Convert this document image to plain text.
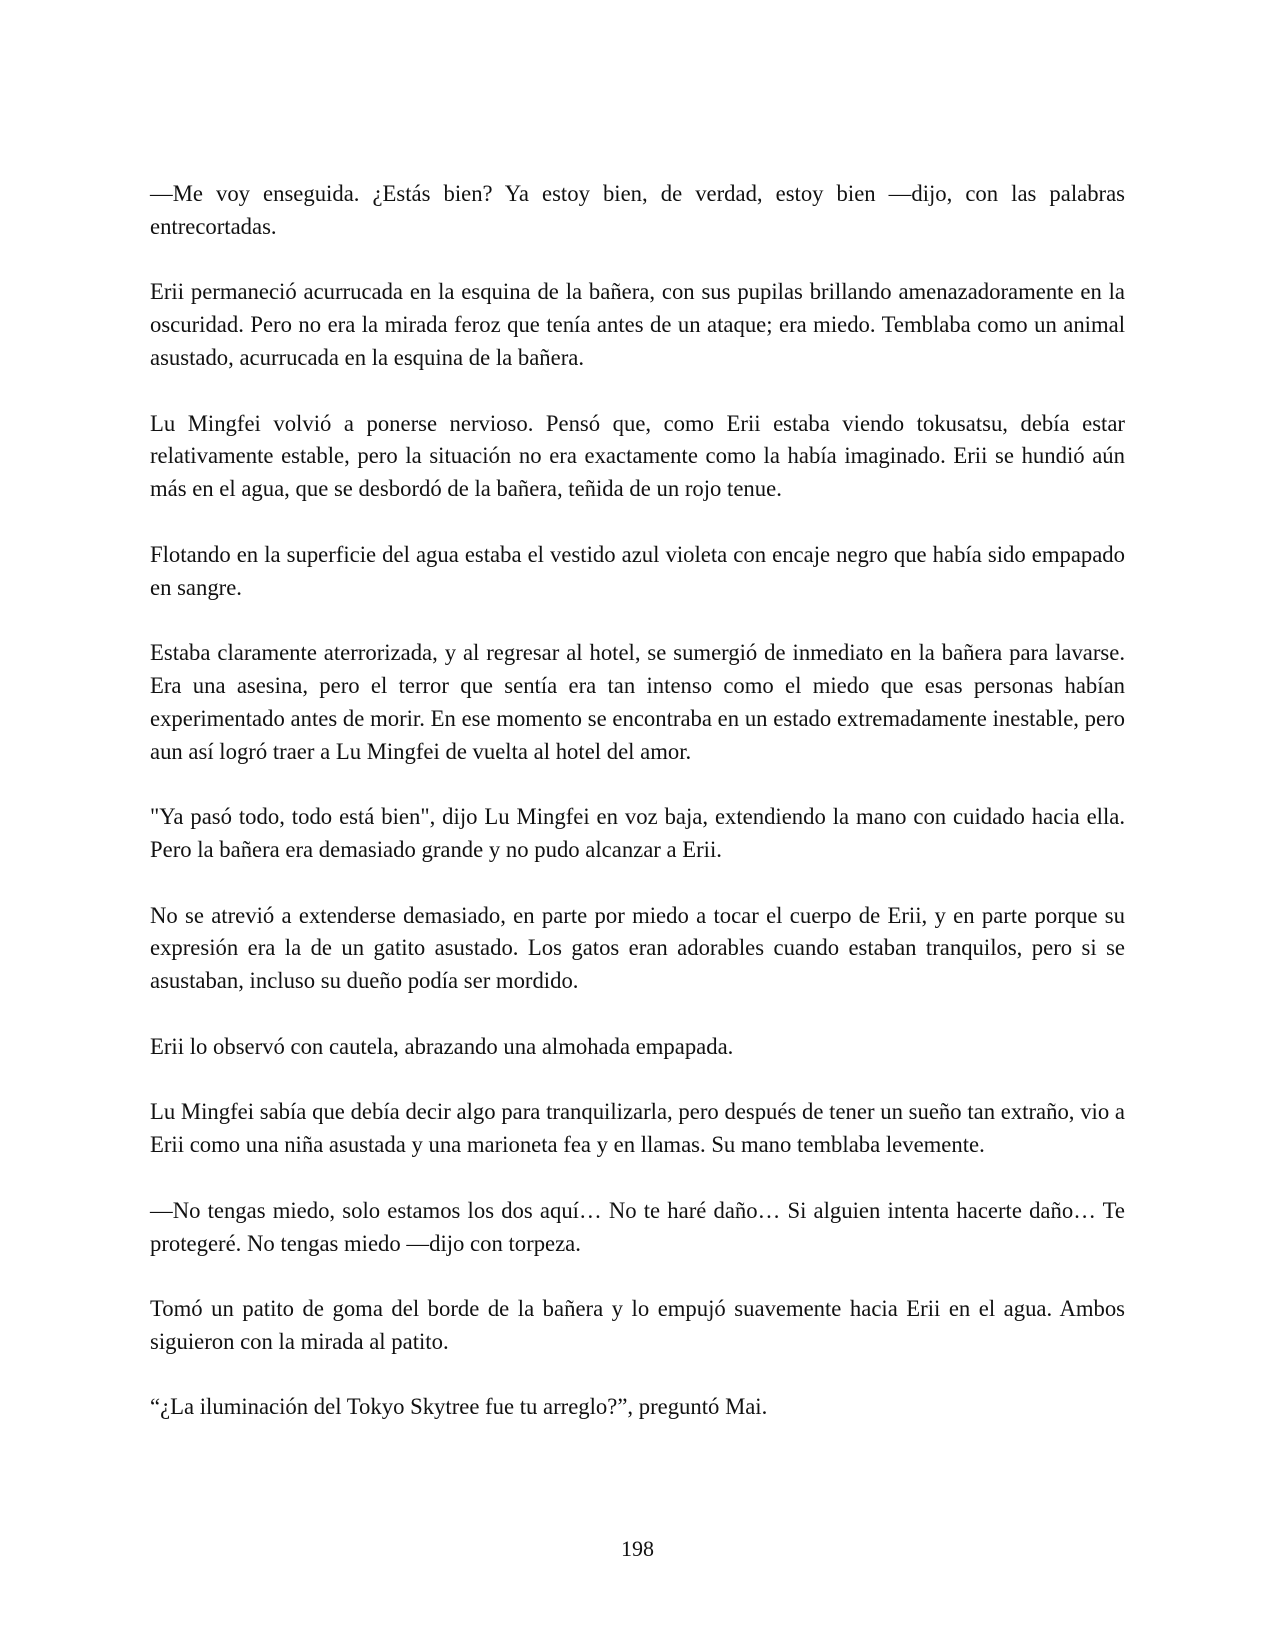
—Me voy enseguida. ¿Estás bien? Ya estoy bien, de verdad, estoy bien —dijo, con las palabras entrecortadas.

Erii permaneció acurrucada en la esquina de la bañera, con sus pupilas brillando amenazadoramente en la oscuridad. Pero no era la mirada feroz que tenía antes de un ataque; era miedo. Temblaba como un animal asustado, acurrucada en la esquina de la bañera.

Lu Mingfei volvió a ponerse nervioso. Pensó que, como Erii estaba viendo tokusatsu, debía estar relativamente estable, pero la situación no era exactamente como la había imaginado. Erii se hundió aún más en el agua, que se desbordó de la bañera, teñida de un rojo tenue.

Flotando en la superficie del agua estaba el vestido azul violeta con encaje negro que había sido empapado en sangre.

Estaba claramente aterrorizada, y al regresar al hotel, se sumergió de inmediato en la bañera para lavarse. Era una asesina, pero el terror que sentía era tan intenso como el miedo que esas personas habían experimentado antes de morir. En ese momento se encontraba en un estado extremadamente inestable, pero aun así logró traer a Lu Mingfei de vuelta al hotel del amor.

"Ya pasó todo, todo está bien", dijo Lu Mingfei en voz baja, extendiendo la mano con cuidado hacia ella. Pero la bañera era demasiado grande y no pudo alcanzar a Erii.

No se atrevió a extenderse demasiado, en parte por miedo a tocar el cuerpo de Erii, y en parte porque su expresión era la de un gatito asustado. Los gatos eran adorables cuando estaban tranquilos, pero si se asustaban, incluso su dueño podía ser mordido.

Erii lo observó con cautela, abrazando una almohada empapada.

Lu Mingfei sabía que debía decir algo para tranquilizarla, pero después de tener un sueño tan extraño, vio a Erii como una niña asustada y una marioneta fea y en llamas. Su mano temblaba levemente.

—No tengas miedo, solo estamos los dos aquí… No te haré daño… Si alguien intenta hacerte daño… Te protegeré. No tengas miedo —dijo con torpeza.

Tomó un patito de goma del borde de la bañera y lo empujó suavemente hacia Erii en el agua. Ambos siguieron con la mirada al patito.

“¿La iluminación del Tokyo Skytree fue tu arreglo?”, preguntó Mai.

198
